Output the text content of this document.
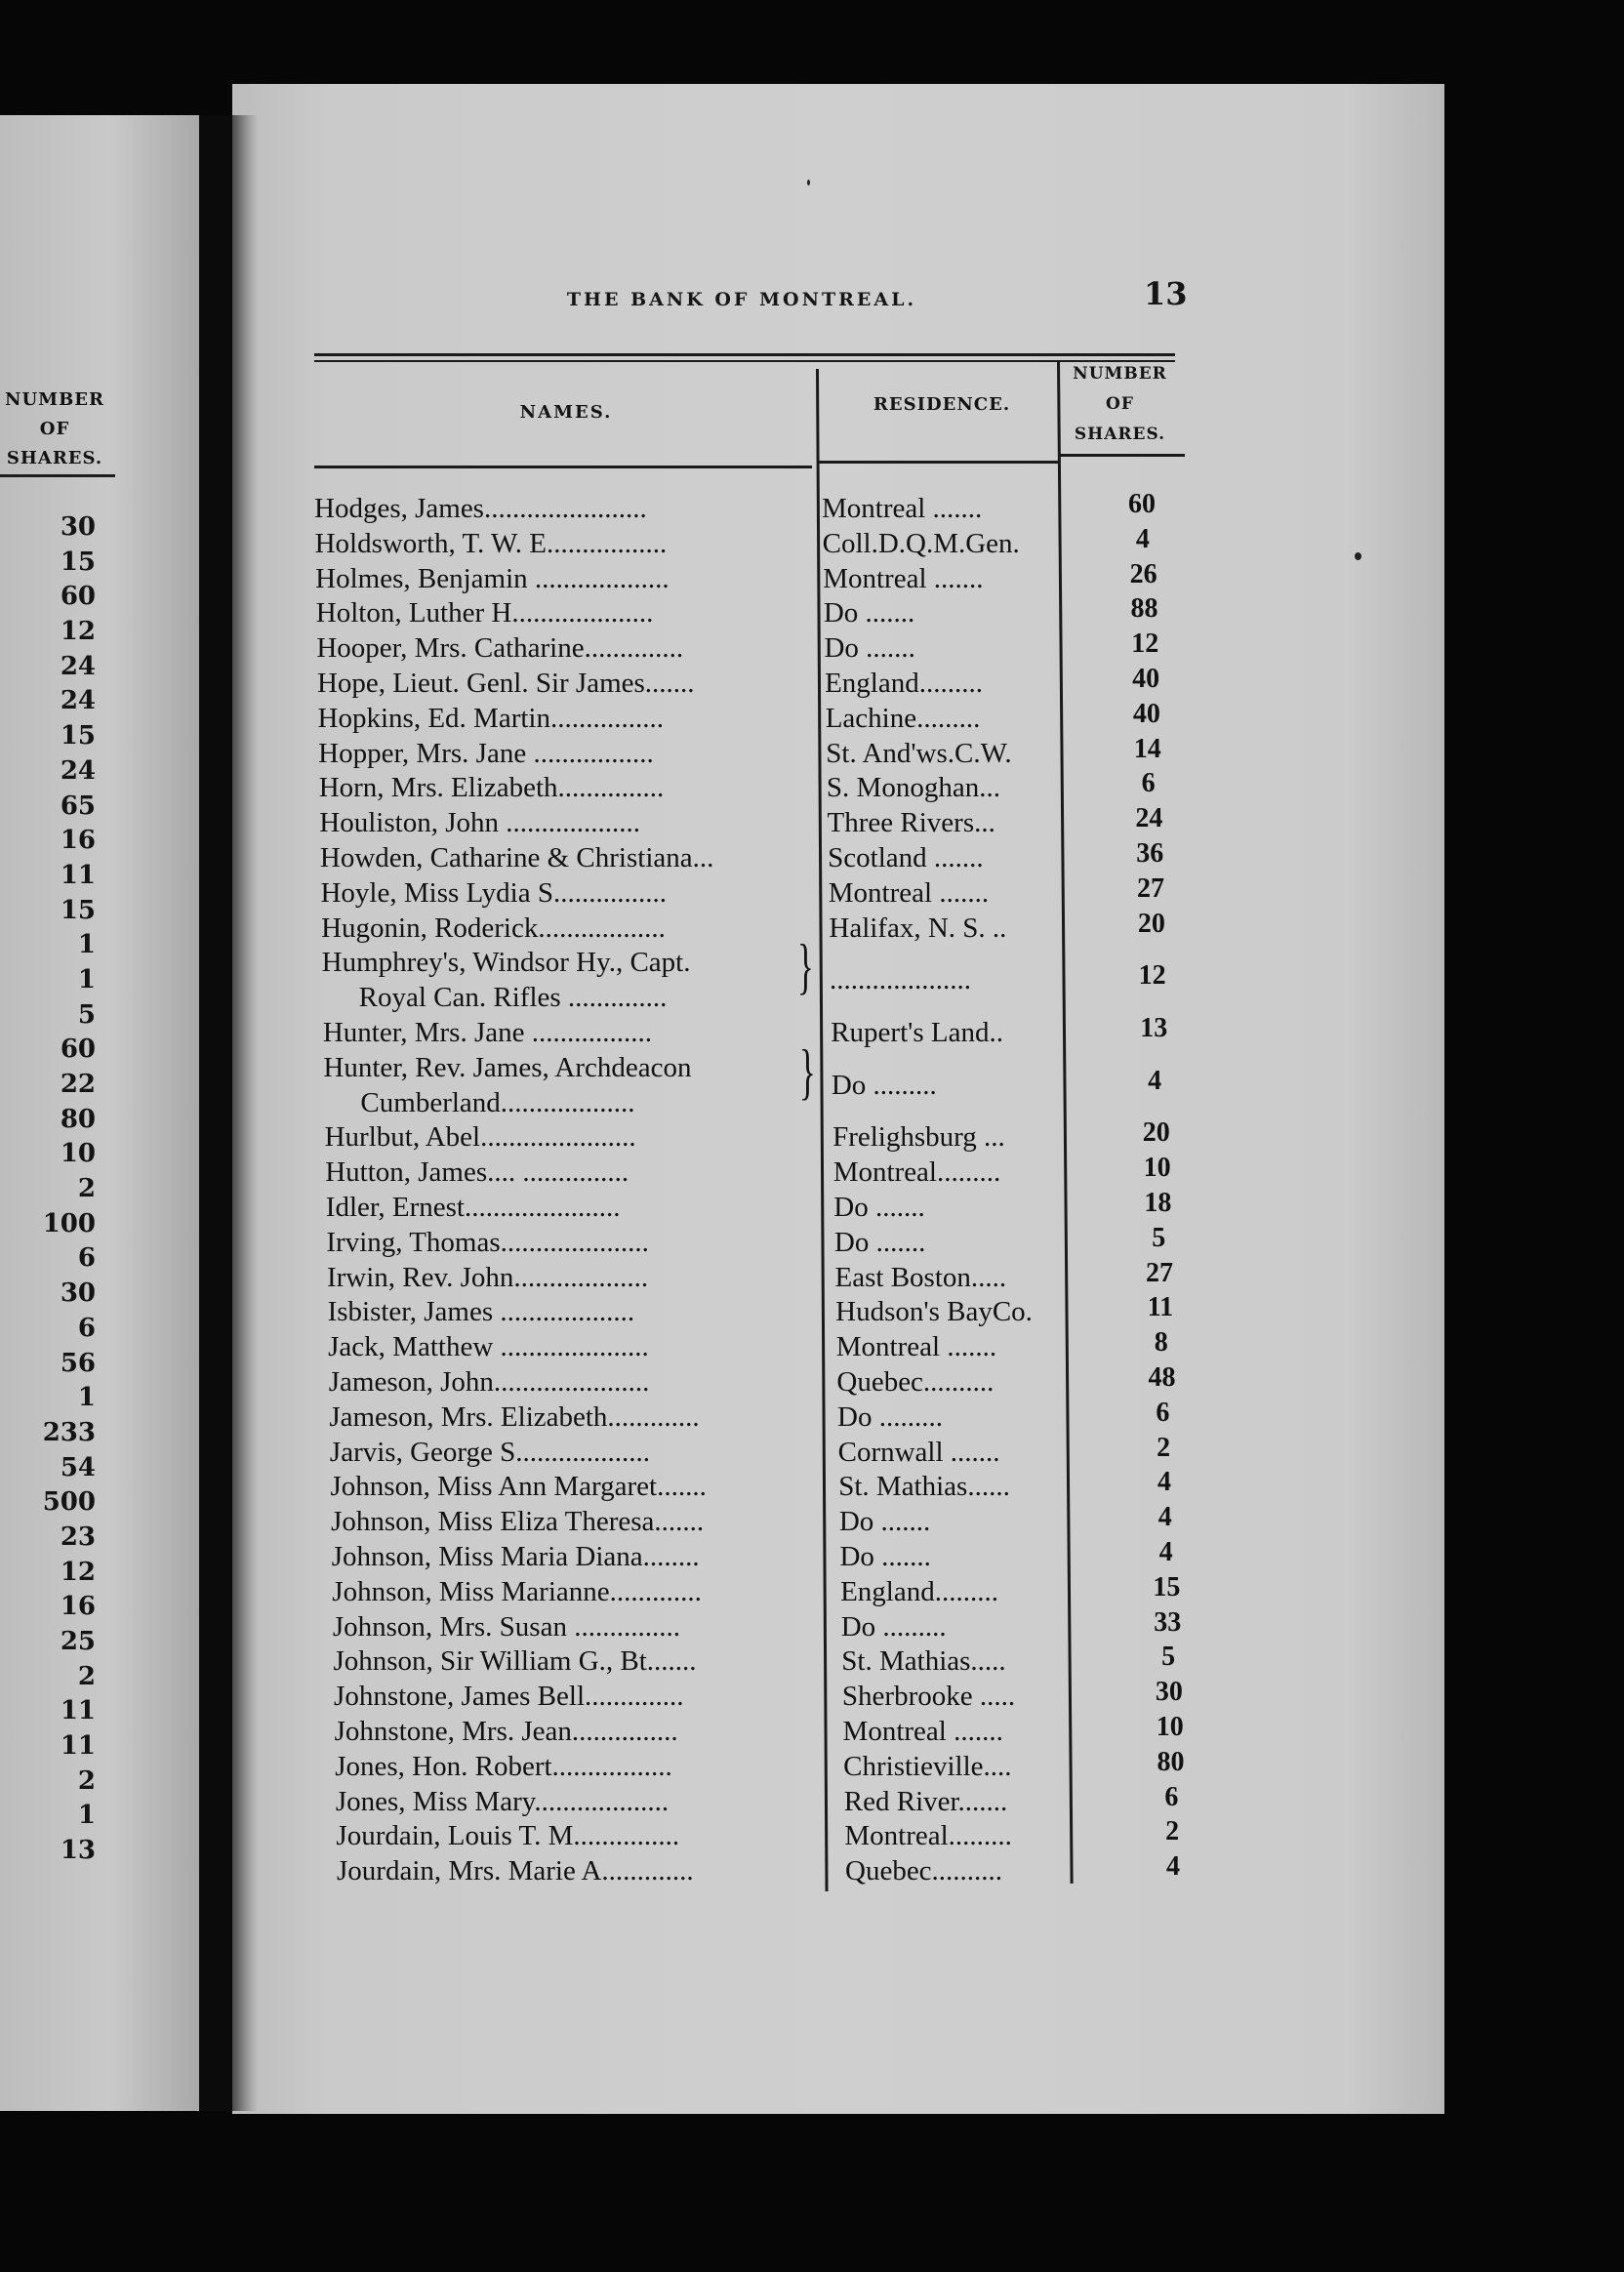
NUMBER
OF
SHARES.
30
15
60
12
24
24
15
24
65
16
11
15
1
1
5
60
22
80
10
2
100
6
30
6
56
1
233
54
500
23
12
16
25
2
11
11
2
1
13
THE BANK OF MONTREAL.	13
NAMES.	RESIDENCE.
NUMBER
OF
SHARES.
Hodges, James.......................	Montreal .......	60
Holdsworth, T. W. E.................	Coll.D.Q.M.Gen.	4
Holmes, Benjamin ...................	Montreal .......	26
Holton, Luther H....................	Do .......	88
Hooper, Mrs. Catharine..............	Do .......	12
Hope, Lieut. Genl. Sir James.......	England.........	40
Hopkins, Ed. Martin................	Lachine.........	40
Hopper, Mrs. Jane .................	St. And'ws.C.W.	14
Horn, Mrs. Elizabeth...............	S. Monoghan...	6
Houliston, John ...................	Three Rivers...	24
Howden, Catharine & Christiana...	Scotland .......	36
Hoyle, Miss Lydia S................	Montreal .......	27
Hugonin, Roderick..................	Halifax, N. S. ..	20
Humphrey's, Windsor Hy., Capt.
Royal Can. Rifles .............. } ....................	12
Hunter, Mrs. Jane .................	Rupert's Land..	13
Hunter, Rev. James, Archdeacon
Cumberland...................	} Do .........	4
Hurlbut, Abel......................	Frelighsburg ...	20
Hutton, James.... ...............	Montreal.........	10
Idler, Ernest......................	Do .......	18
Irving, Thomas.....................	Do .......	5
Irwin, Rev. John...................	East Boston.....	27
Isbister, James ...................	Hudson's BayCo.	11
Jack, Matthew .....................	Montreal .......	8
Jameson, John......................	Quebec..........	48
Jameson, Mrs. Elizabeth.............	Do .........	6
Jarvis, George S...................	Cornwall .......	2
Johnson, Miss Ann Margaret.......	St. Mathias......	4
Johnson, Miss Eliza Theresa.......	Do .......	4
Johnson, Miss Maria Diana........	Do .......	4
Johnson, Miss Marianne.............	England.........	15
Johnson, Mrs. Susan ...............	Do .........	33
Johnson, Sir William G., Bt.......	St. Mathias.....	5
Johnstone, James Bell..............	Sherbrooke .....	30
Johnstone, Mrs. Jean...............	Montreal .......	10
Jones, Hon. Robert.................	Christieville....	80
Jones, Miss Mary...................	Red River.......	6
Jourdain, Louis T. M...............	Montreal.........	2
Jourdain, Mrs. Marie A.............	Quebec..........	4
